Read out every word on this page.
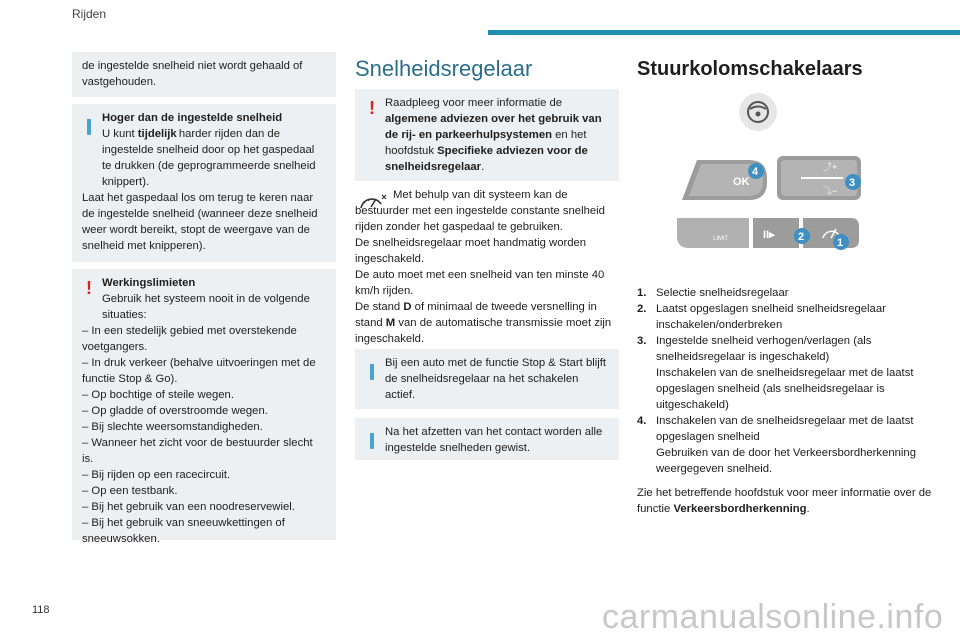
Rijden

de ingestelde snelheid niet wordt gehaald of vastgehouden.

Hoger dan de ingestelde snelheid

U kunt tijdelijk harder rijden dan de ingestelde snelheid door op het gaspedaal te drukken (de geprogrammeerde snelheid knippert).

Laat het gaspedaal los om terug te keren naar de ingestelde snelheid (wanneer deze snelheid weer wordt bereikt, stopt de weergave van de snelheid met knipperen).

! Werkingslimieten

Gebruik het systeem nooit in de volgende situaties:

– In een stedelijk gebied met overstekende voetgangers.

– In druk verkeer (behalve uitvoeringen met de functie Stop & Go).

– Op bochtige of steile wegen.

– Op gladde of overstroomde wegen.

– Bij slechte weersomstandigheden.

– Wanneer het zicht voor de bestuurder slecht is.

– Bij rijden op een racecircuit.

– Op een testbank.

– Bij het gebruik van een noodreservewiel.

– Bij het gebruik van sneeuwkettingen of sneeuwsokken.

Snelheidsregelaar
! Raadpleeg voor meer informatie de algemene adviezen over het gebruik van de rij- en parkeerhulpsystemen en het hoofdstuk Specifieke adviezen voor de snelheidsregelaar.

Met behulp van dit systeem kan de bestuurder met een ingestelde constante snelheid rijden zonder het gaspedaal te gebruiken.

De snelheidsregelaar moet handmatig worden ingeschakeld.

De auto moet met een snelheid van ten minste 40 km/h rijden.

De stand D of minimaal de tweede versnelling in stand M van de automatische transmissie moet zijn ingeschakeld.

Bij een auto met de functie Stop & Start blijft de snelheidsregelaar na het schakelen actief.

Na het afzetten van het contact worden alle ingestelde snelheden gewist.

Stuurkolomschakelaars
OK
⤴+
⤵−
LIMIT	II▸
1
2
3
4
1. Selectie snelheidsregelaar
2. Laatst opgeslagen snelheid snelheidsregelaar inschakelen/onderbreken
3. Ingestelde snelheid verhogen/verlagen (als snelheidsregelaar is ingeschakeld)
Inschakelen van de snelheidsregelaar met de laatst opgeslagen snelheid (als snelheidsregelaar is uitgeschakeld)
4. Inschakelen van de snelheidsregelaar met de laatst opgeslagen snelheid
Gebruiken van de door het Verkeersbordherkenning weergegeven snelheid.

Zie het betreffende hoofdstuk voor meer informatie over de functie Verkeersbordherkenning.

118	carmanualsonline.info
